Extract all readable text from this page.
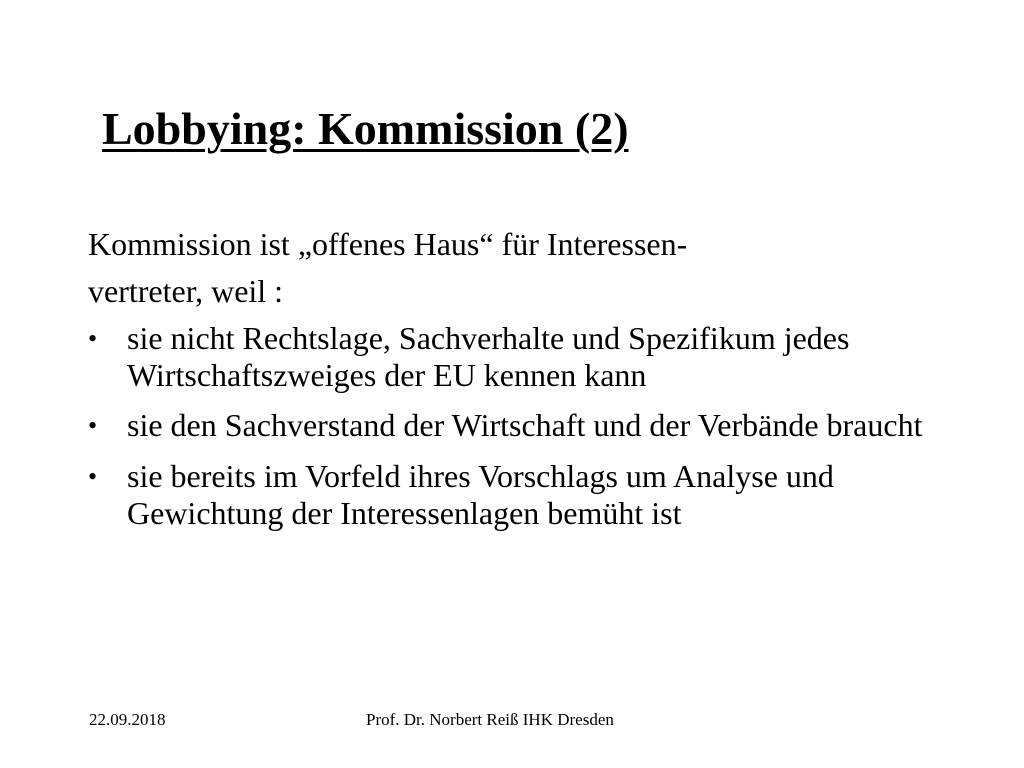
Lobbying: Kommission (2)
Kommission ist „offenes Haus“ für Interessen-
vertreter, weil :
• sie nicht Rechtslage, Sachverhalte und Spezifikum jedes Wirtschaftszweiges der EU kennen kann
• sie den Sachverstand der Wirtschaft und der Verbände braucht
• sie bereits im Vorfeld ihres Vorschlags um Analyse und Gewichtung der Interessenlagen bemüht ist
22.09.2018	Prof. Dr. Norbert Reiß IHK Dresden
